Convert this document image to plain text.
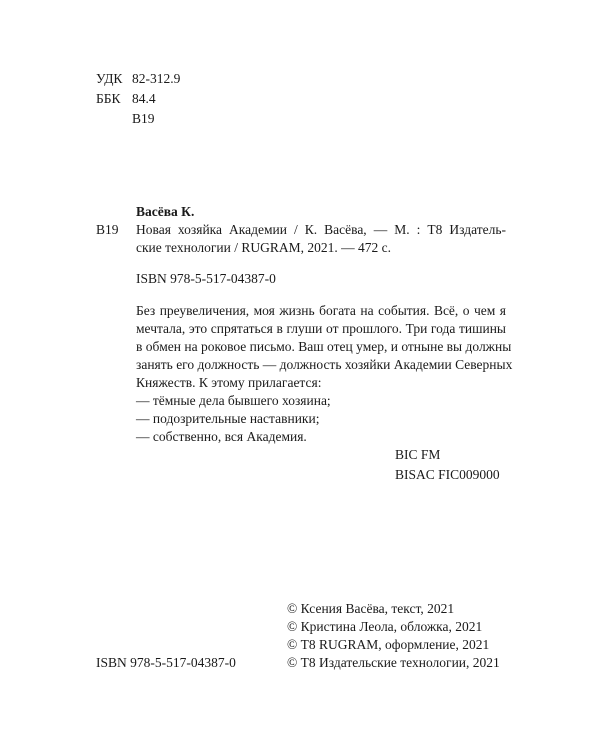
УДК 82-312.9
ББК 84.4
В19
Васёва К.
В19 Новая хозяйка Академии / К. Васёва, — М. : Т8 Издатель-
ские технологии / RUGRAM, 2021. — 472 с.
ISBN 978-5-517-04387-0
Без преувеличения, моя жизнь богата на события. Всё, о чем я
мечтала, это спрятаться в глуши от прошлого. Три года тишины
в обмен на роковое письмо. Ваш отец умер, и отныне вы должны
занять его должность — должность хозяйки Академии Северных
Княжеств. К этому прилагается:
— тёмные дела бывшего хозяина;
— подозрительные наставники;
— собственно, вся Академия.
BIC FM
BISAC FIC009000
© Ксения Васёва, текст, 2021
© Кристина Леола, обложка, 2021
© Т8 RUGRAM, оформление, 2021
© Т8 Издательские технологии, 2021
ISBN 978-5-517-04387-0
